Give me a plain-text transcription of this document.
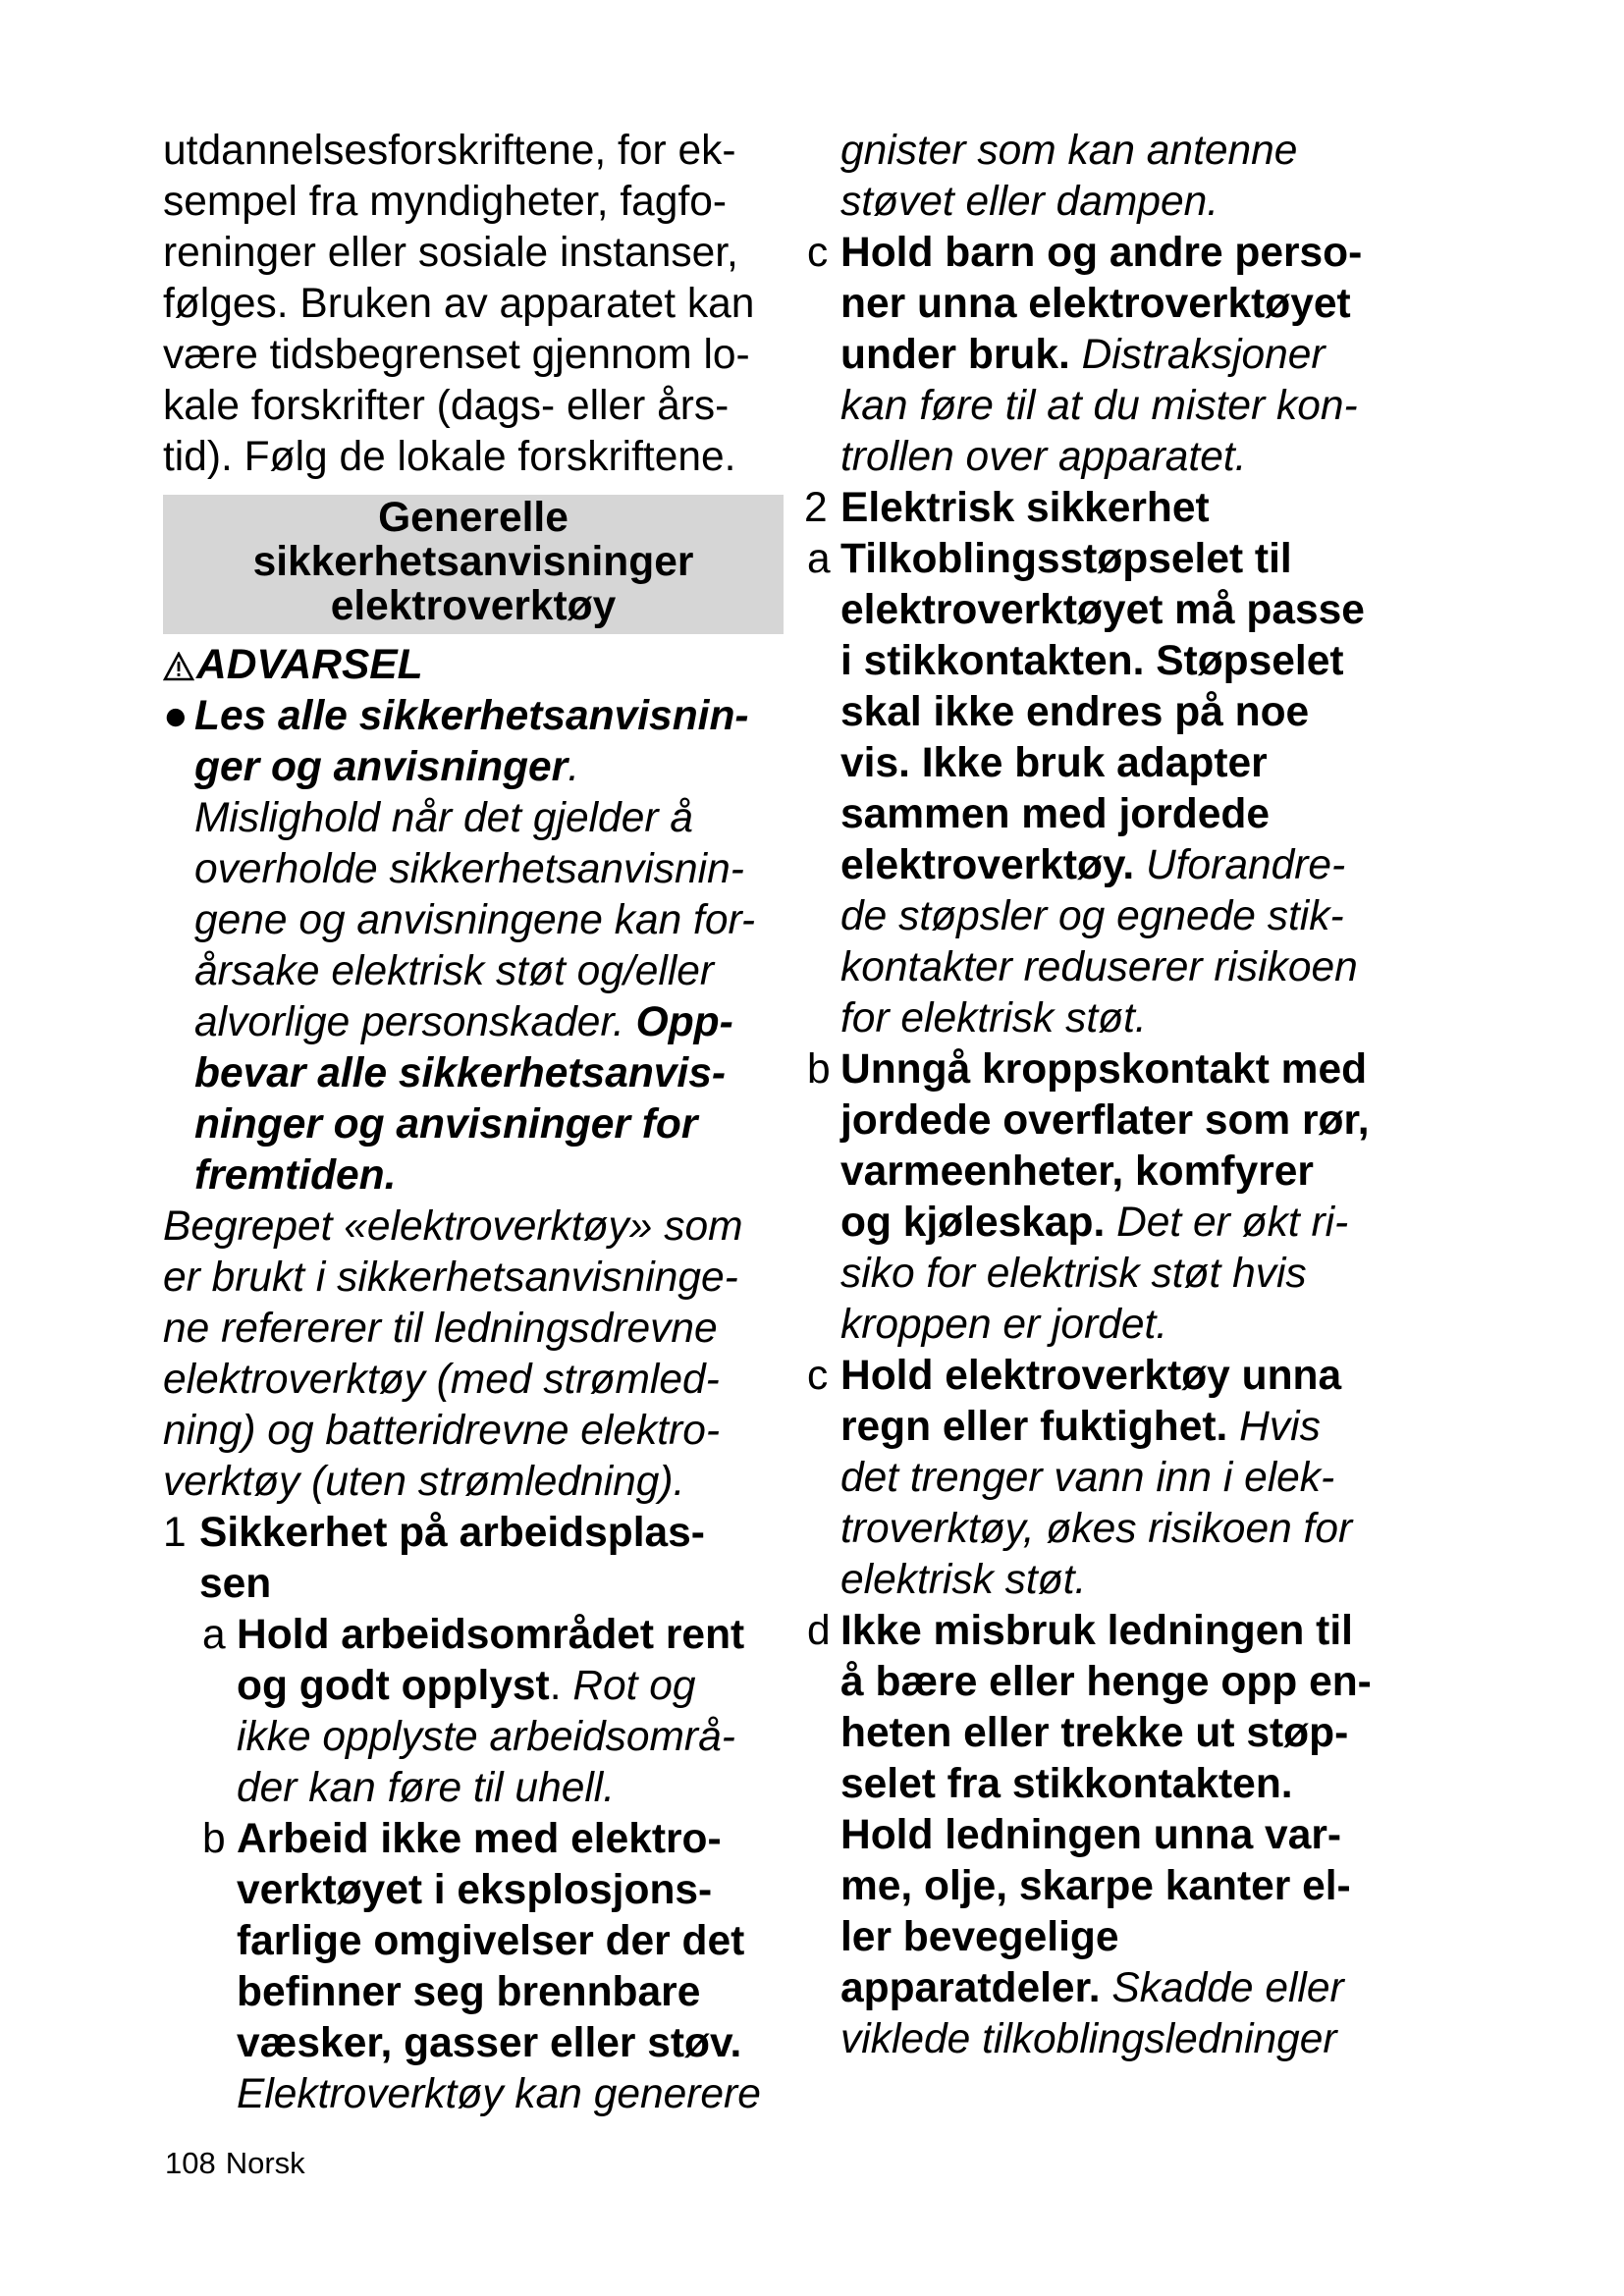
utdannelsesforskriftene, for ek-
sempel fra myndigheter, fagfo-
reninger eller sosiale instanser,
følges. Bruken av apparatet kan
være tidsbegrenset gjennom lo-
kale forskrifter (dags- eller års-
tid). Følg de lokale forskriftene.
Generelle
sikkerhetsanvisninger
elektroverktøy
ADVARSEL
● Les alle sikkerhetsanvisnin-
ger og anvisninger.
Mislighold når det gjelder å
overholde sikkerhetsanvisnin-
gene og anvisningene kan for-
årsake elektrisk støt og/eller
alvorlige personskader. Opp-
bevar alle sikkerhetsanvis-
ninger og anvisninger for
fremtiden.
Begrepet «elektroverktøy» som
er brukt i sikkerhetsanvisninge-
ne refererer til ledningsdrevne
elektroverktøy (med strømled-
ning) og batteridrevne elektro-
verktøy (uten strømledning).
1 Sikkerhet på arbeidsplas-
sen
a Hold arbeidsområdet rent
og godt opplyst. Rot og
ikke opplyste arbeidsområ-
der kan føre til uhell.
b Arbeid ikke med elektro-
verktøyet i eksplosjons-
farlige omgivelser der det
befinner seg brennbare
væsker, gasser eller støv.
Elektroverktøy kan generere
gnister som kan antenne
støvet eller dampen.
c Hold barn og andre perso-
ner unna elektroverktøyet
under bruk. Distraksjoner
kan føre til at du mister kon-
trollen over apparatet.
2 Elektrisk sikkerhet
a Tilkoblingsstøpselet til
elektroverktøyet må passe
i stikkontakten. Støpselet
skal ikke endres på noe
vis. Ikke bruk adapter
sammen med jordede
elektroverktøy. Uforandre-
de støpsler og egnede stik-
kontakter reduserer risikoen
for elektrisk støt.
b Unngå kroppskontakt med
jordede overflater som rør,
varmeenheter, komfyrer
og kjøleskap. Det er økt ri-
siko for elektrisk støt hvis
kroppen er jordet.
c Hold elektroverktøy unna
regn eller fuktighet. Hvis
det trenger vann inn i elek-
troverktøy, økes risikoen for
elektrisk støt.
d Ikke misbruk ledningen til
å bære eller henge opp en-
heten eller trekke ut støp-
selet fra stikkontakten.
Hold ledningen unna var-
me, olje, skarpe kanter el-
ler bevegelige
apparatdeler. Skadde eller
viklede tilkoblingsledninger
108 Norsk
